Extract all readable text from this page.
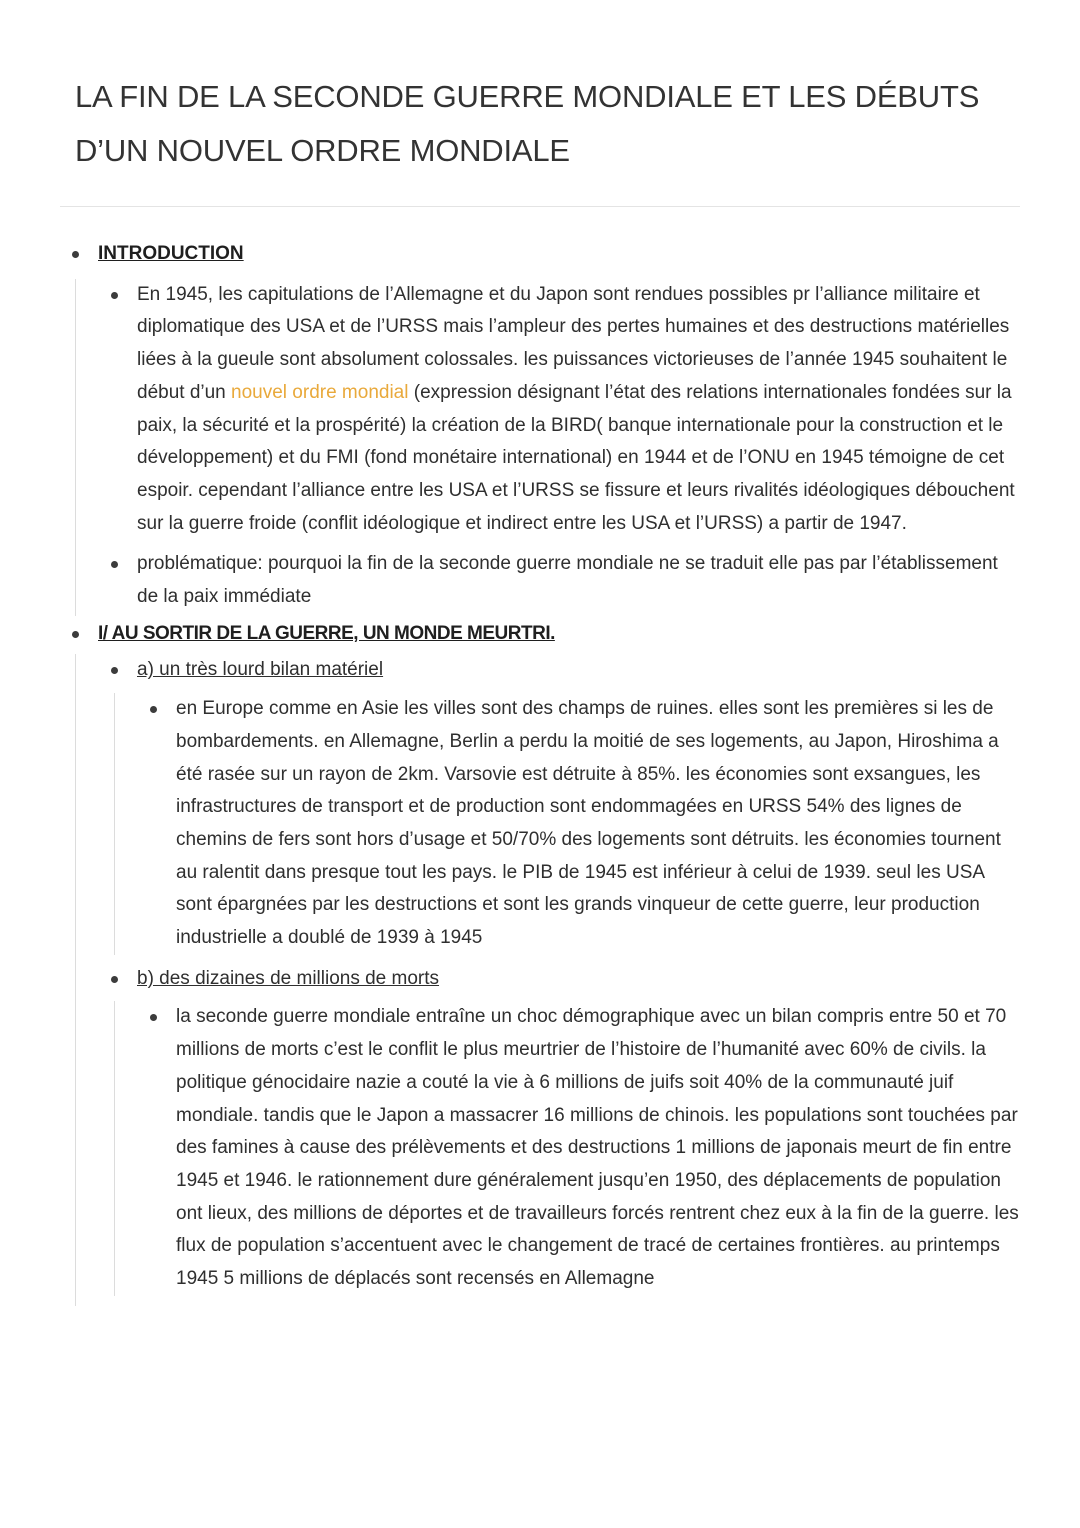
LA FIN DE LA SECONDE GUERRE MONDIALE ET LES DÉBUTS D’UN NOUVEL ORDRE MONDIALE
INTRODUCTION
En 1945, les capitulations de l’Allemagne et du Japon sont rendues possibles pr l’alliance militaire et diplomatique des USA et de l’URSS mais l’ampleur des pertes humaines et des destructions matérielles liées à la gueule sont absolument colossales. les puissances victorieuses de l’année 1945 souhaitent le début d’un nouvel ordre mondial (expression désignant l’état des relations internationales fondées sur la paix, la sécurité et la prospérité) la création de la BIRD( banque internationale pour la construction et le développement) et du FMI (fond monétaire international) en 1944 et de l’ONU en 1945 témoigne de cet espoir. cependant l’alliance entre les USA et l’URSS se fissure et leurs rivalités idéologiques débouchent sur la guerre froide (conflit idéologique et indirect entre les USA et l’URSS) a partir de 1947.
problématique: pourquoi la fin de la seconde guerre mondiale ne se traduit elle pas par l’établissement de la paix immédiate
I/ AU SORTIR DE LA GUERRE, UN MONDE MEURTRI.
a) un très lourd bilan matériel
en Europe comme en Asie les villes sont des champs de ruines. elles sont les premières si les de bombardements. en Allemagne, Berlin a perdu la moitié de ses logements, au Japon, Hiroshima a été rasée sur un rayon de 2km. Varsovie est détruite à 85%. les économies sont exsangues, les infrastructures de transport et de production sont endommagées en URSS 54% des lignes de chemins de fers sont hors d’usage et 50/70% des logements sont détruits. les économies tournent au ralentit dans presque tout les pays. le PIB de 1945 est inférieur à celui de 1939. seul les USA sont épargnées par les destructions et sont les grands vinqueur de cette guerre, leur production industrielle a doublé de 1939 à 1945
b) des dizaines de millions de morts
la seconde guerre mondiale entraîne un choc démographique avec un bilan compris entre 50 et 70 millions de morts c’est le conflit le plus meurtrier de l’histoire de l’humanité avec 60% de civils. la politique génocidaire nazie a couté la vie à 6 millions de juifs soit 40% de la communauté juif mondiale. tandis que le Japon a massacrer 16 millions de chinois. les populations sont touchées par des famines à cause des prélèvements et des destructions 1 millions de japonais meurt de fin entre 1945 et 1946. le rationnement dure généralement jusqu’en 1950, des déplacements de population ont lieux, des millions de déportes et de travailleurs forcés rentrent chez eux à la fin de la guerre. les flux de population s’accentuent avec le changement de tracé de certaines frontières. au printemps 1945 5 millions de déplacés sont recensés en Allemagne
